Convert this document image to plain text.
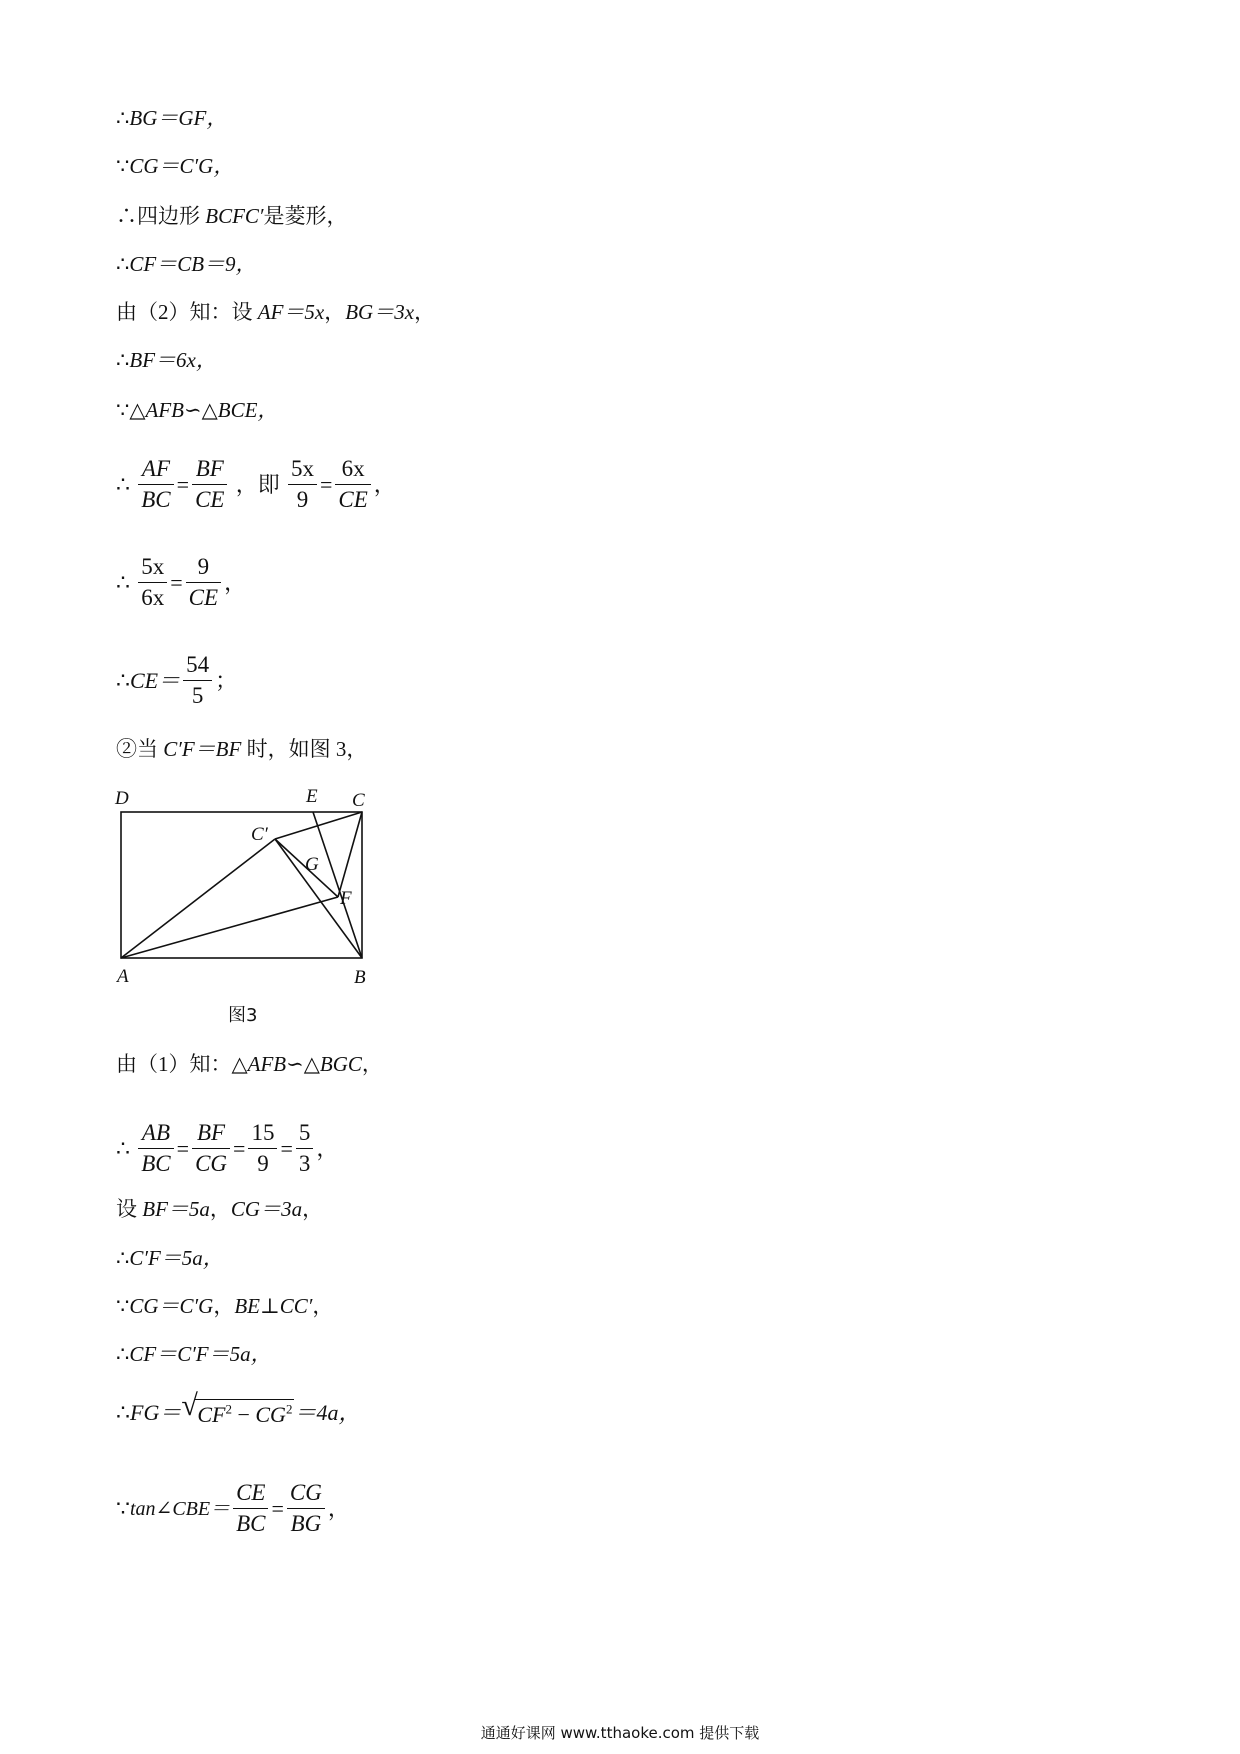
∴BG＝GF，
∵CG＝C′G，
∴四边形 BCFC′是菱形，
∴CF＝CB＝9，
由（2）知：设 AF＝5x，BG＝3x，
∴BF＝6x，
∵△AFB∽△BCE，
∴ $\frac{AF}{BC} = \frac{BF}{CE}$ ，即 $\frac{5x}{9} = \frac{6x}{CE}$ ，
∴ $\frac{5x}{6x} = \frac{9}{CE}$ ，
∴CE＝ $\frac{54}{5}$ ；
②当 C′F＝BF 时，如图 3，
D	E C
C′
G
F
A	B
图3
由（1）知：△AFB∽△BGC，
∴ $\frac{AB}{BC} = \frac{BF}{CG} = \frac{15}{9} = \frac{5}{3}$ ，
设 BF＝5a，CG＝3a，
∴C′F＝5a，
∵CG＝C′G，BE⊥CC′，
∴CF＝C′F＝5a，
∴FG＝ √ $CF^2 - CG^2=4a$，
∵tan∠CBE＝ $\frac{CE}{BC} = \frac{CG}{BG}$ ，
通通好课网 www.tthaoke.com 提供下载
